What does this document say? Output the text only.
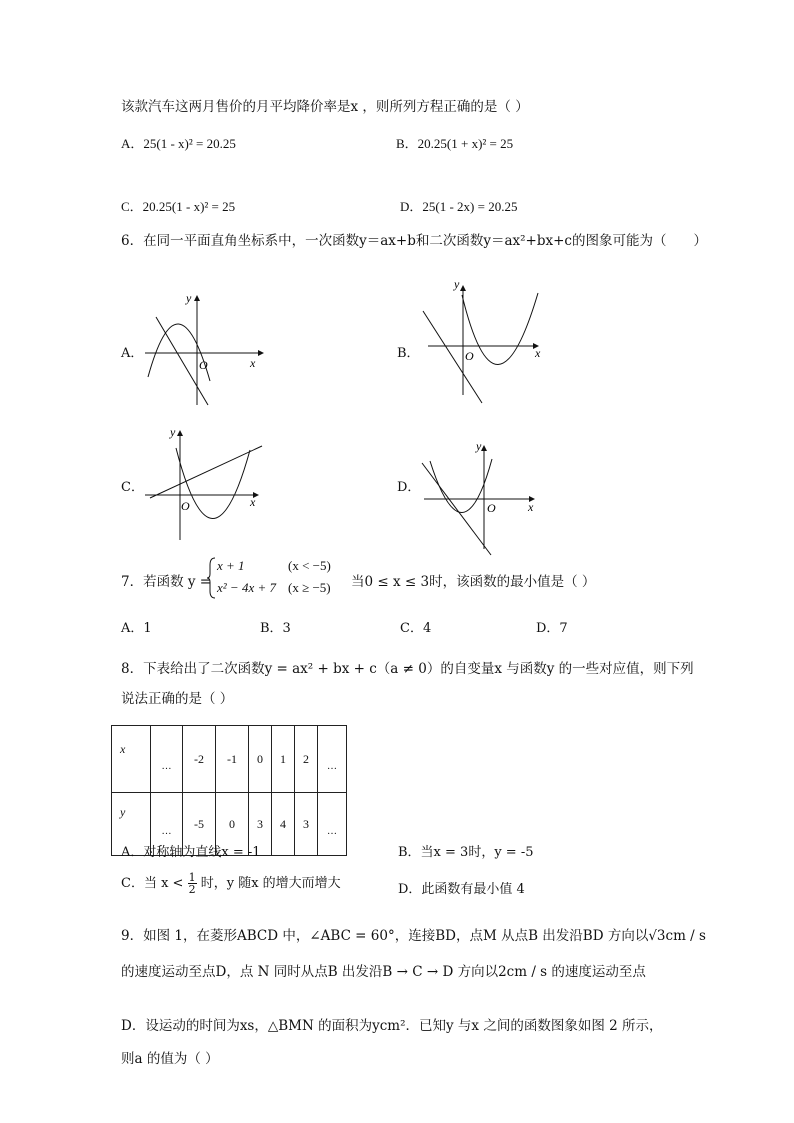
该款汽车这两月售价的月平均降价率是x ，则所列方程正确的是（ ）
A．25(1 - x)² = 20.25	B．20.25(1 + x)² = 25
C．20.25(1 - x)² = 25	D．25(1 - 2x) = 20.25
6．在同一平面直角坐标系中，一次函数y＝ax+b和二次函数y＝ax²+bx+c的图象可能为（　　）
A．
x
y
O
B．	x
y
O
C．
x
y
O
D．
x
y
O
7．若函数 y =
x + 1	(x < −5)
x² − 4x + 7 (x ≥ −5) 当0 ≤ x ≤ 3时，该函数的最小值是（ ）
A．1	B．3	C．4	D．7
8．下表给出了二次函数y = ax² + bx + c（a ≠ 0）的自变量x 与函数y 的一些对应值，则下列
说法正确的是（ ）
x	…	-2	-1	0	1	2	…

y	…	-5	0	3	4	3	…
A．对称轴为直线x = -1	B．当x = 3时，y = -5
C．当 $x < \frac{1}{2}$ 时，y 随x 的增大而增大	D．此函数有最小值 4
9．如图 1，在菱形ABCD 中，∠ABC = 60°，连接BD，点M 从点B 出发沿BD 方向以√3cm / s
的速度运动至点D，点 N 同时从点B 出发沿B → C → D 方向以2cm / s 的速度运动至点
D．设运动的时间为xs，△BMN 的面积为ycm²．已知y 与x 之间的函数图象如图 2 所示，
则a 的值为（ ）
